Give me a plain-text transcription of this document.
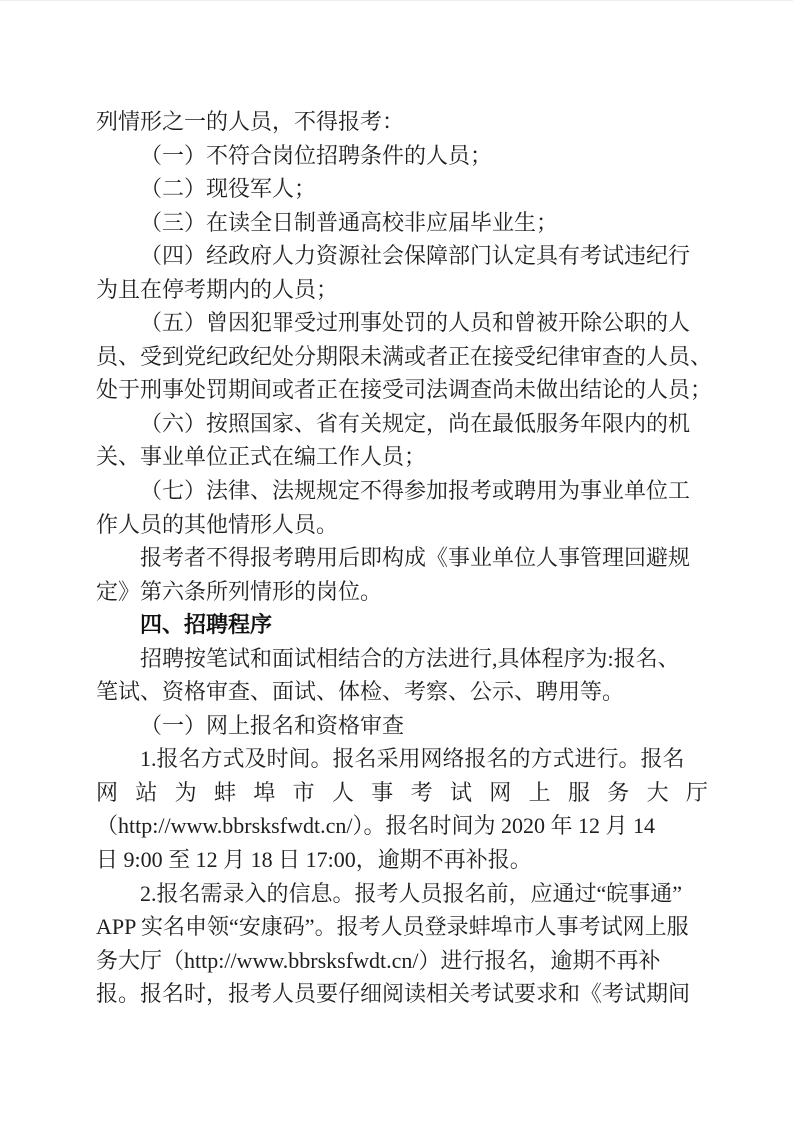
列情形之一的人员，不得报考：
（一）不符合岗位招聘条件的人员；
（二）现役军人；
（三）在读全日制普通高校非应届毕业生；
（四）经政府人力资源社会保障部门认定具有考试违纪行
为且在停考期内的人员；
（五）曾因犯罪受过刑事处罚的人员和曾被开除公职的人
员、受到党纪政纪处分期限未满或者正在接受纪律审查的人员、
处于刑事处罚期间或者正在接受司法调查尚未做出结论的人员；
（六）按照国家、省有关规定，尚在最低服务年限内的机
关、事业单位正式在编工作人员；
（七）法律、法规规定不得参加报考或聘用为事业单位工
作人员的其他情形人员。
报考者不得报考聘用后即构成《事业单位人事管理回避规
定》第六条所列情形的岗位。
四、招聘程序
招聘按笔试和面试相结合的方法进行,具体程序为:报名、
笔试、资格审查、面试、体检、考察、公示、聘用等。
（一）网上报名和资格审查
1.报名方式及时间。报名采用网络报名的方式进行。报名
网 站 为 蚌 埠 市 人 事 考 试 网 上 服 务 大 厅
（http://www.bbrsksfwdt.cn/）。报名时间为 2020 年 12 月 14
日 9:00 至 12 月 18 日 17:00，逾期不再补报。
2.报名需录入的信息。报考人员报名前，应通过“皖事通”
APP 实名申领“安康码”。报考人员登录蚌埠市人事考试网上服
务大厅（http://www.bbrsksfwdt.cn/）进行报名，逾期不再补
报。报名时，报考人员要仔细阅读相关考试要求和《考试期间
